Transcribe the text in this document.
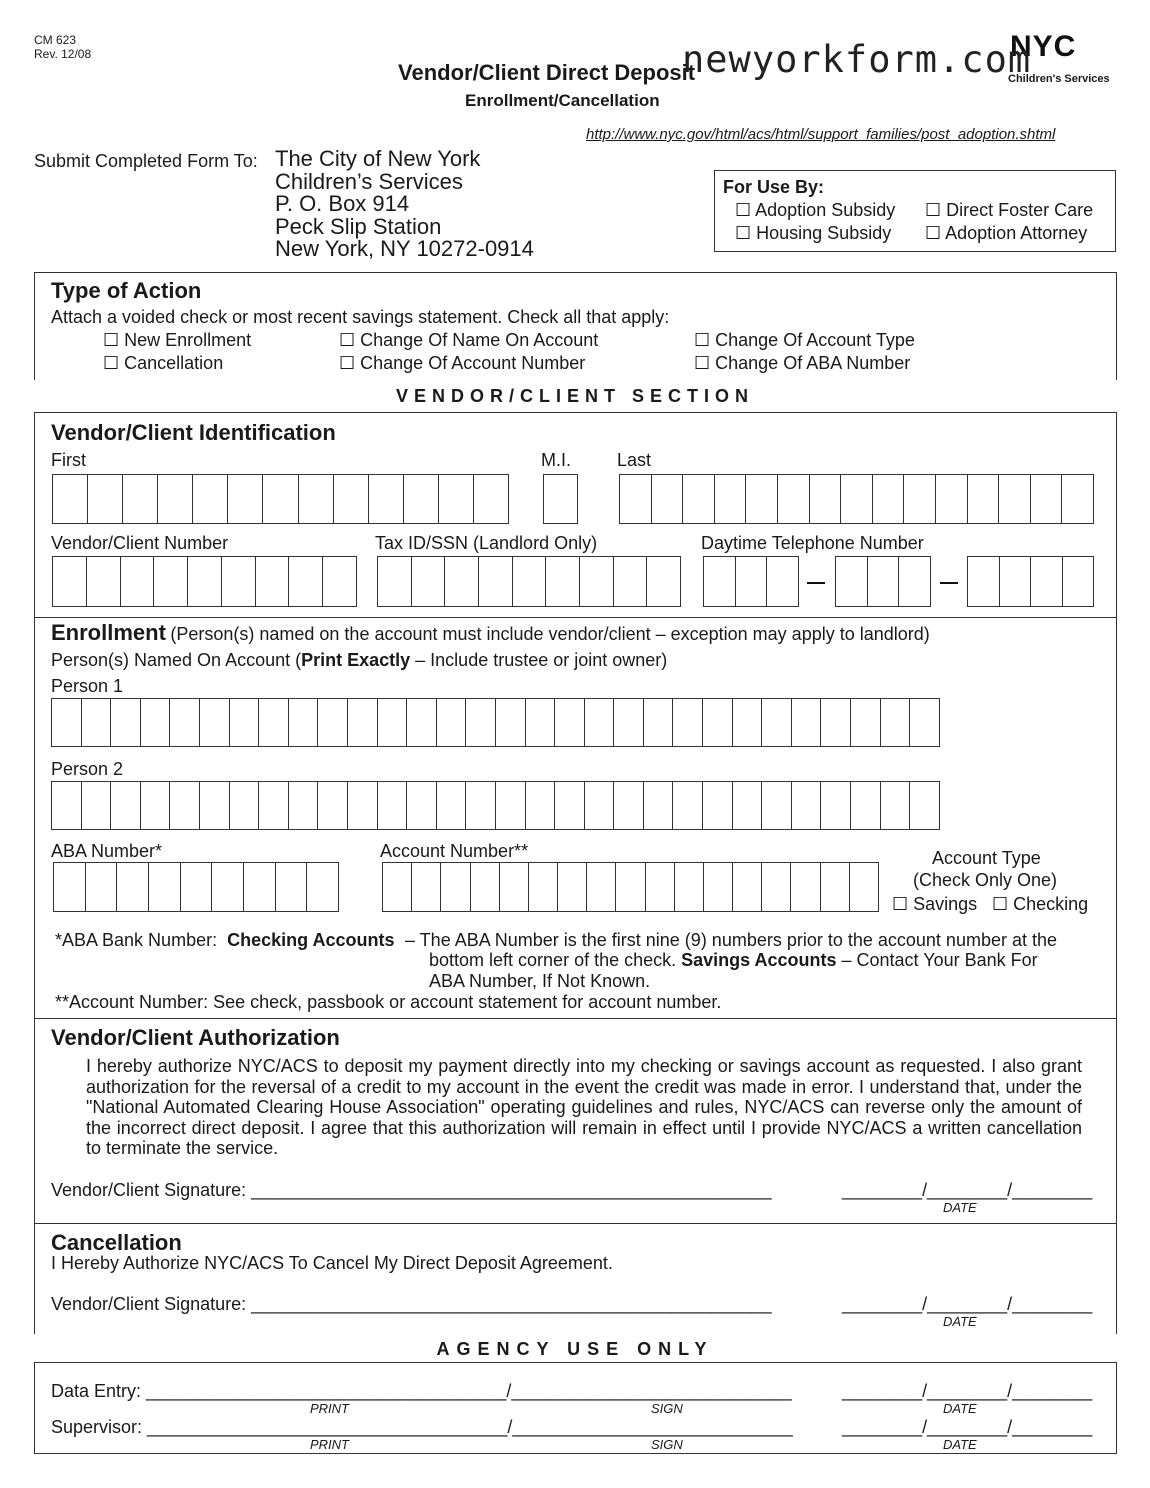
CM 623
Rev. 12/08
Vendor/Client Direct Deposit
Enrollment/Cancellation
NYC
newyorkform.com
Children's Services
http://www.nyc.gov/html/acs/html/support_families/post_adoption.shtml
Submit Completed Form To: The City of New York
Children’s Services
P. O. Box 914
Peck Slip Station
New York, NY 10272-0914
For Use By:
☐ Adoption Subsidy ☐ Direct Foster Care
☐ Housing Subsidy ☐ Adoption Attorney
Type of Action
Attach a voided check or most recent savings statement. Check all that apply:
☐ New Enrollment	☐ Change Of Name On Account	☐ Change Of Account Type
☐ Cancellation	☐ Change Of Account Number	☐ Change Of ABA Number
VENDOR/CLIENT SECTION
Vendor/Client Identification
First	M.I.	Last
Vendor/Client Number	Tax ID/SSN (Landlord Only)	Daytime Telephone Number
Enrollment (Person(s) named on the account must include vendor/client – exception may apply to landlord)
Person(s) Named On Account (Print Exactly – Include trustee or joint owner)
Person 1
Person 2
ABA Number*	Account Number**	Account Type
(Check Only One)
☐ Savings ☐ Checking
*ABA Bank Number: Checking Accounts – The ABA Number is the first nine (9) numbers prior to the account number at the
bottom left corner of the check. Savings Accounts – Contact Your Bank For
ABA Number, If Not Known.
**Account Number: See check, passbook or account statement for account number.
Vendor/Client Authorization
I hereby authorize NYC/ACS to deposit my payment directly into my checking or savings account as requested. I also grant authorization for the reversal of a credit to my account in the event the credit was made in error. I understand that, under the "National Automated Clearing House Association" operating guidelines and rules, NYC/ACS can reverse only the amount of the incorrect direct deposit. I agree that this authorization will remain in effect until I provide NYC/ACS a written cancellation to terminate the service.
Vendor/Client Signature: ____________________________________________________	________/________/________
DATE
Cancellation
I Hereby Authorize NYC/ACS To Cancel My Direct Deposit Agreement.
Vendor/Client Signature: ____________________________________________________	________/________/________
DATE
AGENCY USE ONLY
Data Entry: ____________________________________/____________________________	________/________/________
PRINT	SIGN	DATE
Supervisor: ____________________________________/____________________________	________/________/________
PRINT	SIGN	DATE
